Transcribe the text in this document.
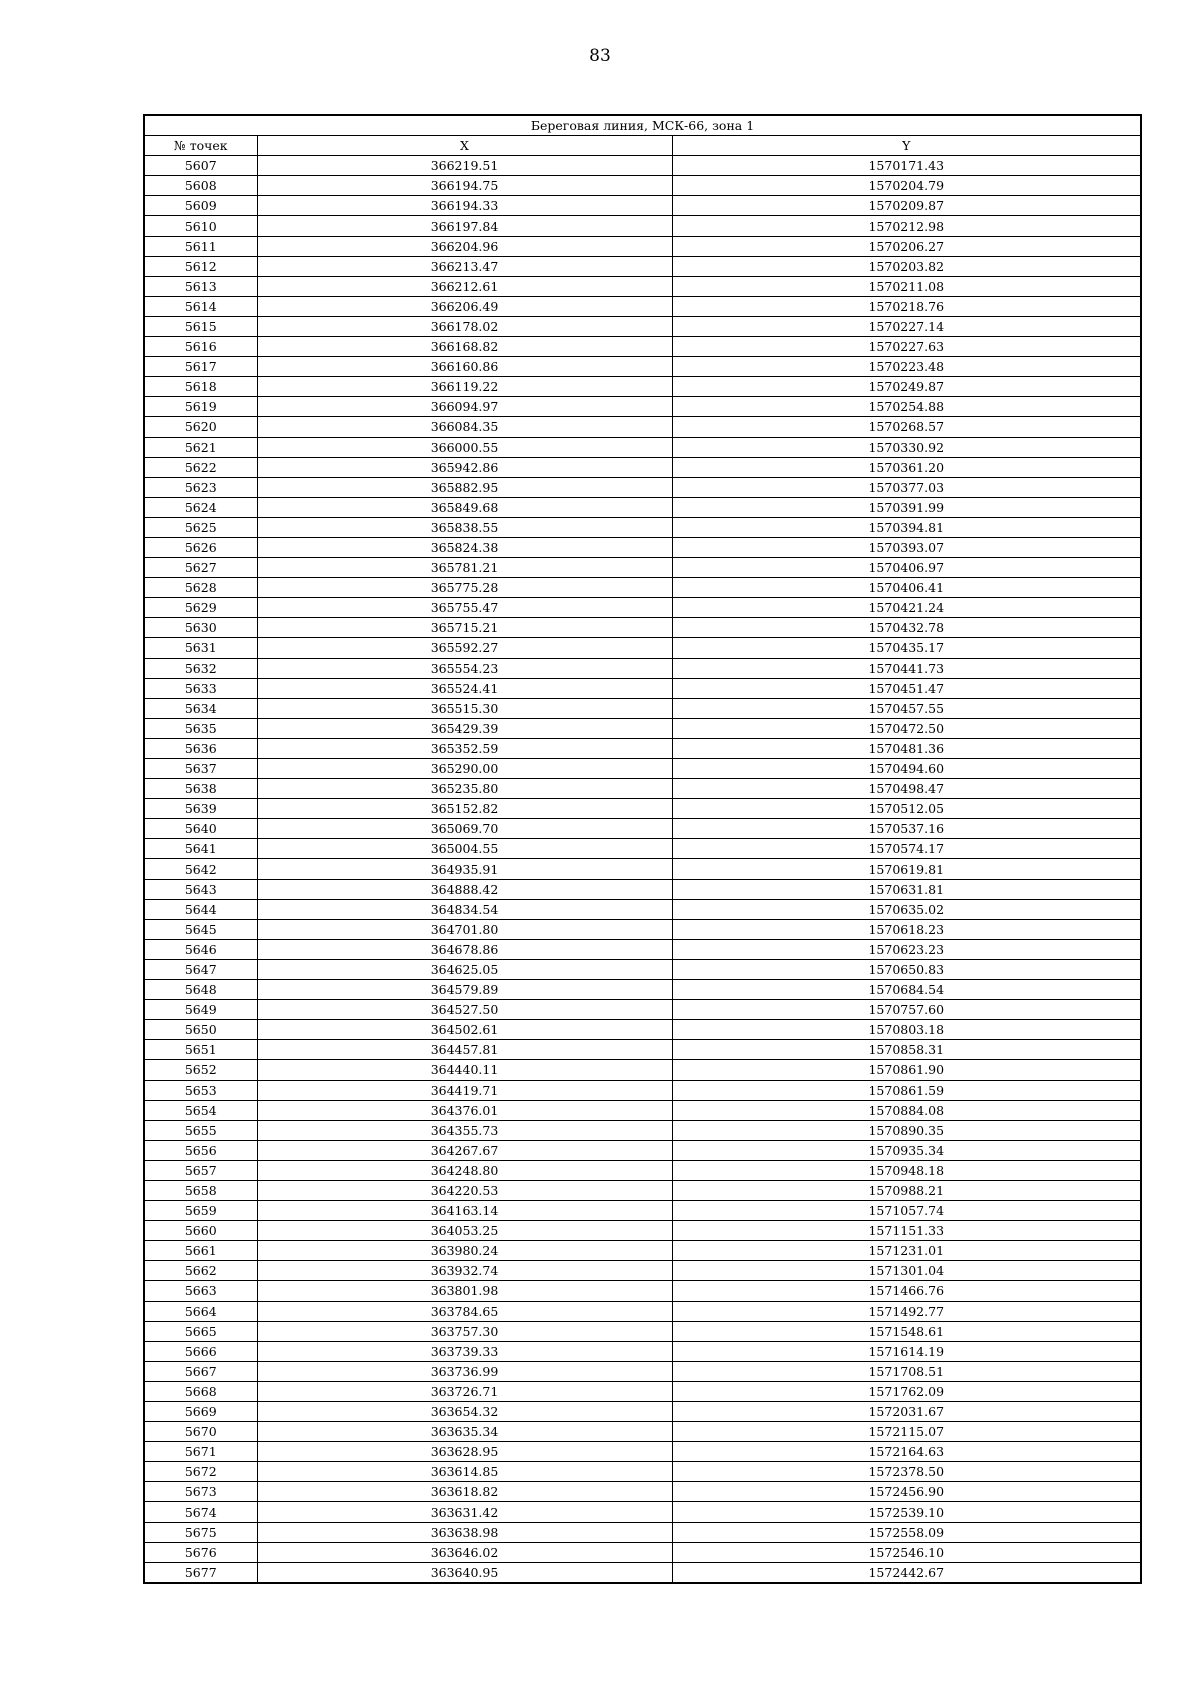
83
Береговая линия, МСК-66, зона 1		
№ точек	X	Y
5607	366219.51	1570171.43
5608	366194.75	1570204.79
5609	366194.33	1570209.87
5610	366197.84	1570212.98
5611	366204.96	1570206.27
5612	366213.47	1570203.82
5613	366212.61	1570211.08
5614	366206.49	1570218.76
5615	366178.02	1570227.14
5616	366168.82	1570227.63
5617	366160.86	1570223.48
5618	366119.22	1570249.87
5619	366094.97	1570254.88
5620	366084.35	1570268.57
5621	366000.55	1570330.92
5622	365942.86	1570361.20
5623	365882.95	1570377.03
5624	365849.68	1570391.99
5625	365838.55	1570394.81
5626	365824.38	1570393.07
5627	365781.21	1570406.97
5628	365775.28	1570406.41
5629	365755.47	1570421.24
5630	365715.21	1570432.78
5631	365592.27	1570435.17
5632	365554.23	1570441.73
5633	365524.41	1570451.47
5634	365515.30	1570457.55
5635	365429.39	1570472.50
5636	365352.59	1570481.36
5637	365290.00	1570494.60
5638	365235.80	1570498.47
5639	365152.82	1570512.05
5640	365069.70	1570537.16
5641	365004.55	1570574.17
5642	364935.91	1570619.81
5643	364888.42	1570631.81
5644	364834.54	1570635.02
5645	364701.80	1570618.23
5646	364678.86	1570623.23
5647	364625.05	1570650.83
5648	364579.89	1570684.54
5649	364527.50	1570757.60
5650	364502.61	1570803.18
5651	364457.81	1570858.31
5652	364440.11	1570861.90
5653	364419.71	1570861.59
5654	364376.01	1570884.08
5655	364355.73	1570890.35
5656	364267.67	1570935.34
5657	364248.80	1570948.18
5658	364220.53	1570988.21
5659	364163.14	1571057.74
5660	364053.25	1571151.33
5661	363980.24	1571231.01
5662	363932.74	1571301.04
5663	363801.98	1571466.76
5664	363784.65	1571492.77
5665	363757.30	1571548.61
5666	363739.33	1571614.19
5667	363736.99	1571708.51
5668	363726.71	1571762.09
5669	363654.32	1572031.67
5670	363635.34	1572115.07
5671	363628.95	1572164.63
5672	363614.85	1572378.50
5673	363618.82	1572456.90
5674	363631.42	1572539.10
5675	363638.98	1572558.09
5676	363646.02	1572546.10
5677	363640.95	1572442.67
